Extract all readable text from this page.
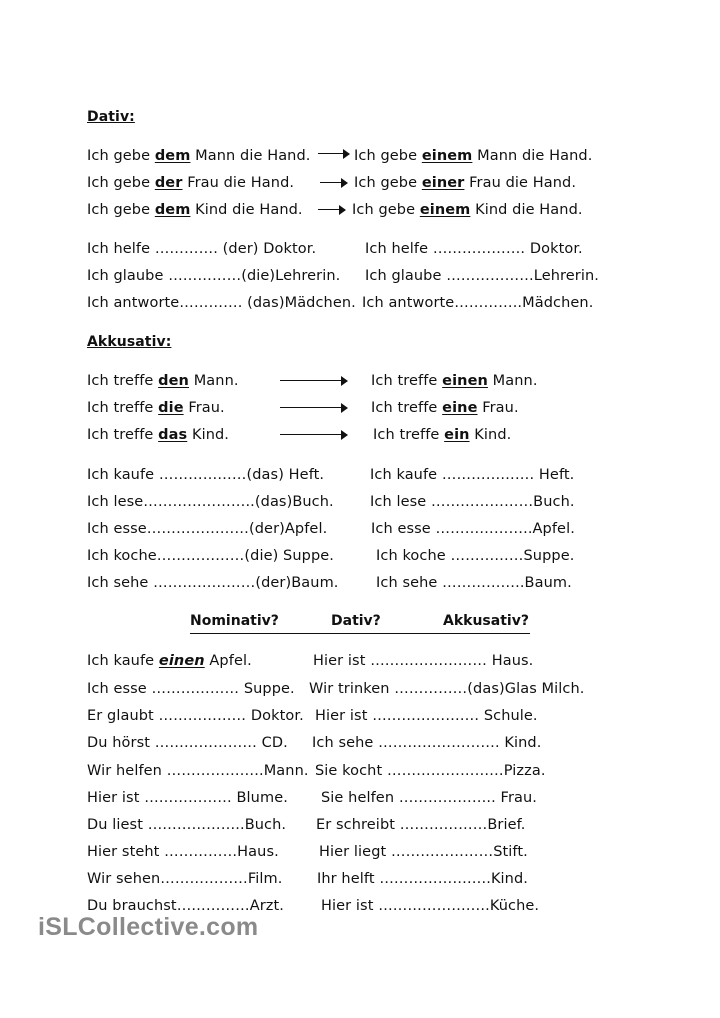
Dativ:
Ich gebe dem Mann die Hand.	Ich gebe einem Mann die Hand.
Ich gebe der Frau die Hand.	Ich gebe einer Frau die Hand.
Ich gebe dem Kind die Hand.	Ich gebe einem Kind die Hand.
Ich helfe …………. (der) Doktor.	Ich helfe ………………. Doktor.
Ich glaube ……………(die)Lehrerin. Ich glaube ………………Lehrerin.
Ich antworte…………. (das)Mädchen. Ich antworte…………..Mädchen.
Akkusativ:
Ich treffe den Mann.	Ich treffe einen Mann.
Ich treffe die Frau.	Ich treffe eine Frau.
Ich treffe das Kind.	Ich treffe ein Kind.
Ich kaufe ………………(das) Heft.	Ich kaufe ………………. Heft.
Ich lese…………………..(das)Buch. Ich lese …………………Buch.
Ich esse…………………(der)Apfel.	Ich esse ………………..Apfel.
Ich koche………………(die) Suppe.	Ich koche ……………Suppe.
Ich sehe …………………(der)Baum.	Ich sehe ……………..Baum.
Nominativ?	Dativ?	Akkusativ?
Ich kaufe einen Apfel.	Hier ist …………………… Haus.
Ich esse ……………… Suppe. Wir trinken ……………(das)Glas Milch.
Er glaubt ……………… Doktor. Hier ist …………………. Schule.
Du hörst ………………… CD. Ich sehe ……………………. Kind.
Wir helfen ………………..Mann. Sie kocht ……………………Pizza.
Hier ist ……………… Blume. Sie helfen ……………….. Frau.
Du liest ………………..Buch. Er schreibt ………………Brief.
Hier steht ……………Haus.	Hier liegt …………………Stift.
Wir sehen………………Film. Ihr helft …………………..Kind.
Du brauchst……………Arzt.	Hier ist …………………..Küche.
iSLCollective.com
